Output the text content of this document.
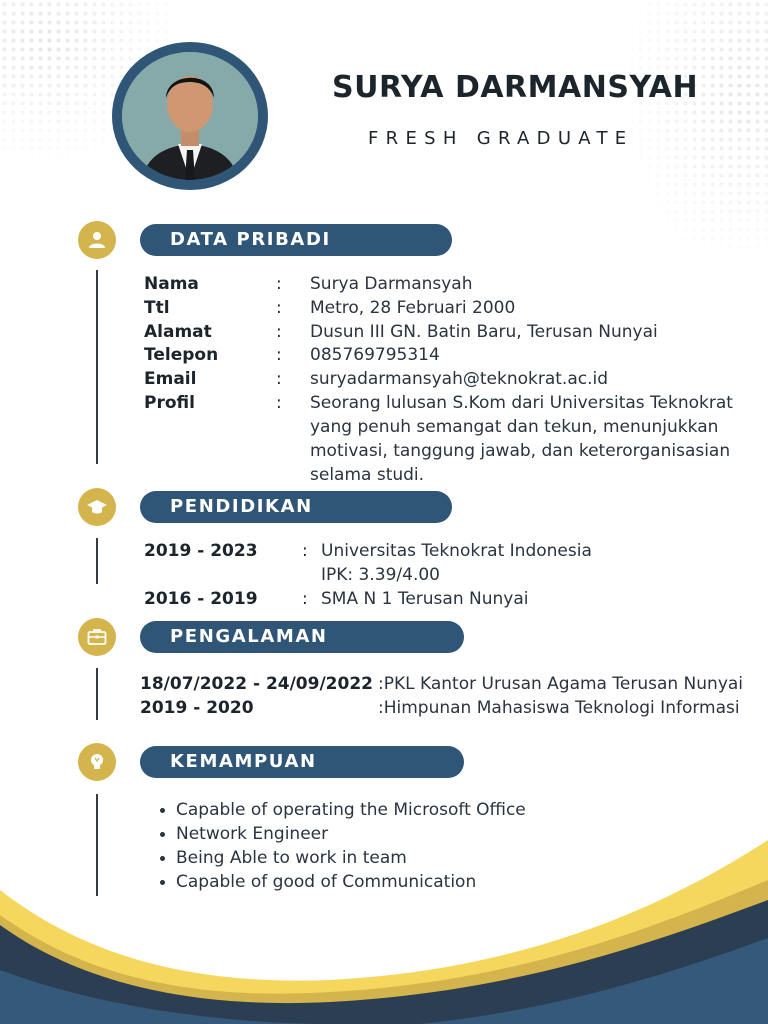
SURYA DARMANSYAH
FRESH GRADUATE
DATA PRIBADI
Nama	: Surya Darmansyah
Ttl	: Metro, 28 Februari 2000
Alamat	: Dusun III GN. Batin Baru, Terusan Nunyai
Telepon	: 085769795314
Email	: suryadarmansyah@teknokrat.ac.id
Profil	: Seorang lulusan S.Kom dari Universitas Teknokrat
yang penuh semangat dan tekun, menunjukkan
motivasi, tanggung jawab, dan keterorganisasian
selama studi.
PENDIDIKAN
2019 - 2023	: Universitas Teknokrat Indonesia
IPK: 3.39/4.00
2016 - 2019	: SMA N 1 Terusan Nunyai
PENGALAMAN
18/07/2022 - 24/09/2022 :PKL Kantor Urusan Agama Terusan Nunyai
2019 - 2020	:Himpunan Mahasiswa Teknologi Informasi
KEMAMPUAN
Capable of operating the Microsoft Office
Network Engineer
Being Able to work in team
Capable of good of Communication
